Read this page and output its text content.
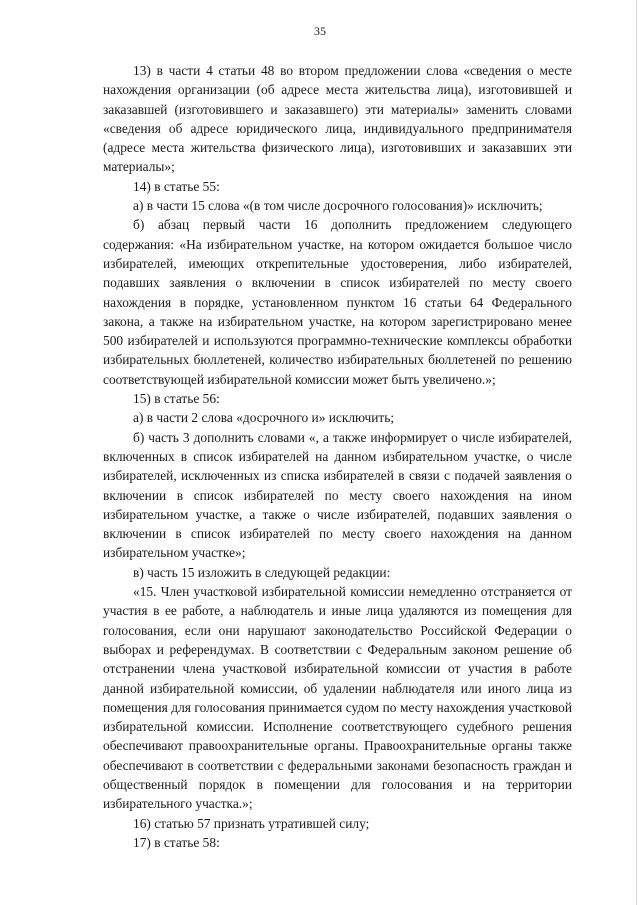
35

13) в части 4 статьи 48 во втором предложении слова «сведения о месте нахождения организации (об адресе места жительства лица), изготовившей и заказавшей (изготовившего и заказавшего) эти материалы» заменить словами «сведения об адресе юридического лица, индивидуального предпринимателя (адресе места жительства физического лица), изготовивших и заказавших эти материалы»;

14) в статье 55:

а) в части 15 слова «(в том числе досрочного голосования)» исключить;

б) абзац первый части 16 дополнить предложением следующего содержания: «На избирательном участке, на котором ожидается большое число избирателей, имеющих открепительные удостоверения, либо избирателей, подавших заявления о включении в список избирателей по месту своего нахождения в порядке, установленном пунктом 16 статьи 64 Федерального закона, а также на избирательном участке, на котором зарегистрировано менее 500 избирателей и используются программно-технические комплексы обработки избирательных бюллетеней, количество избирательных бюллетеней по решению соответствующей избирательной комиссии может быть увеличено.»;

15) в статье 56:

а) в части 2 слова «досрочного и» исключить;

б) часть 3 дополнить словами «, а также информирует о числе избирателей, включенных в список избирателей на данном избирательном участке, о числе избирателей, исключенных из списка избирателей в связи с подачей заявления о включении в список избирателей по месту своего нахождения на ином избирательном участке, а также о числе избирателей, подавших заявления о включении в список избирателей по месту своего нахождения на данном избирательном участке»;

в) часть 15 изложить в следующей редакции:

«15. Член участковой избирательной комиссии немедленно отстраняется от участия в ее работе, а наблюдатель и иные лица удаляются из помещения для голосования, если они нарушают законодательство Российской Федерации о выборах и референдумах. В соответствии с Федеральным законом решение об отстранении члена участковой избирательной комиссии от участия в работе данной избирательной комиссии, об удалении наблюдателя или иного лица из помещения для голосования принимается судом по месту нахождения участковой избирательной комиссии. Исполнение соответствующего судебного решения обеспечивают правоохранительные органы. Правоохранительные органы также обеспечивают в соответствии с федеральными законами безопасность граждан и общественный порядок в помещении для голосования и на территории избирательного участка.»;

16) статью 57 признать утратившей силу;

17) в статье 58:
